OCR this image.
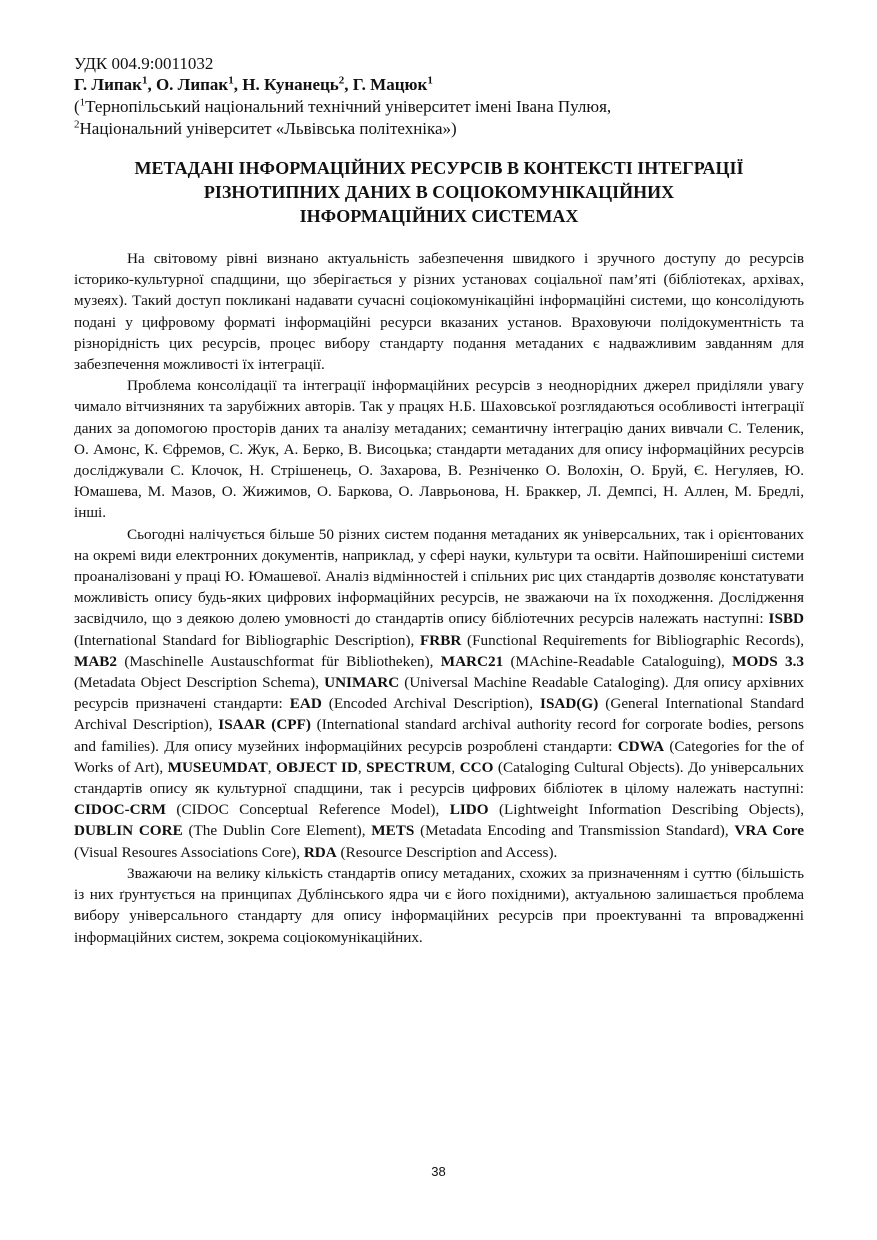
УДК 004.9:0011032
Г. Липак$^1$, О. Липак$^1$, Н. Кунанець$^2$, Г. Мацюк$^1$
($^1$Тернопільський національний технічний університет імені Івана Пулюя,
$^2$Національний університет «Львівська політехніка»)
МЕТАДАНІ ІНФОРМАЦІЙНИХ РЕСУРСІВ В КОНТЕКСТІ ІНТЕГРАЦІЇ
РІЗНОТИПНИХ ДАНИХ В СОЦІОКОМУНІКАЦІЙНИХ
ІНФОРМАЦІЙНИХ СИСТЕМАХ

На світовому рівні визнано актуальність забезпечення швидкого і зручного доступу до ресурсів історико-культурної спадщини, що зберігається у різних установах соціальної пам’яті (бібліотеках, архівах, музеях). Такий доступ покликані надавати сучасні соціокомунікаційні інформаційні системи, що консолідують подані у цифровому форматі інформаційні ресурси вказаних установ. Враховуючи полідокументність та різнорідність цих ресурсів, процес вибору стандарту подання метаданих є надважливим завданням для забезпечення можливості їх інтеграції.

Проблема консолідації та інтеграції інформаційних ресурсів з неоднорідних джерел приділяли увагу чимало вітчизняних та зарубіжних авторів. Так у працях Н.Б. Шаховської розглядаються особливості інтеграції даних за допомогою просторів даних та аналізу метаданих; семантичну інтеграцію даних вивчали С. Теленик, О. Амонс, К. Єфремов, С. Жук, А. Берко, В. Висоцька; стандарти метаданих для опису інформаційних ресурсів досліджували С. Клочок, Н. Стрішенець, О. Захарова, В. Резніченко О. Волохін, О. Бруй, Є. Негуляев, Ю. Юмашева, М. Мазов, О. Жижимов, О. Баркова, О. Лаврьонова, Н. Браккер, Л. Демпсі, Н. Аллен, М. Бредлі, інші.

Сьогодні налічується більше 50 різних систем подання метаданих як універсальних, так і орієнтованих на окремі види електронних документів, наприклад, у сфері науки, культури та освіти. Найпоширеніші системи проаналізовані у праці Ю. Юмашевої. Аналіз відмінностей і спільних рис цих стандартів дозволяє констатувати можливість опису будь-яких цифрових інформаційних ресурсів, не зважаючи на їх походження. Дослідження засвідчило, що з деякою долею умовності до стандартів опису бібліотечних ресурсів належать наступні: ISBD (International Standard for Bibliographic Description), FRBR (Functional Requirements for Bibliographic Records), MAB2 (Maschinelle Austauschformat für Bibliotheken), MARC21 (MAchine-Readable Cataloguing), MODS 3.3 (Metadata Object Description Schema), UNIMARC (Universal Machine Readable Cataloging). Для опису архівних ресурсів призначені стандарти: EAD (Encoded Archival Description), ISAD(G) (General International Standard Archival Description), ISAAR (CPF) (International standard archival authority record for corporate bodies, persons and families). Для опису музейних інформаційних ресурсів розроблені стандарти: CDWA (Categories for the of Works of Art), MUSEUMDAT, OBJECT ID, SPECTRUM, CCO (Cataloging Cultural Objects). До універсальних стандартів опису як культурної спадщини, так і ресурсів цифрових бібліотек в цілому належать наступні: CIDOC-CRM (CIDOC Conceptual Reference Model), LIDO (Lightweight Information Describing Objects), DUBLIN CORE (The Dublin Core Element), METS (Metadata Encoding and Transmission Standard), VRA Core (Visual Resoures Associations Core), RDA (Resource Description and Access).

Зважаючи на велику кількість стандартів опису метаданих, схожих за призначенням і суттю (більшість із них ґрунтується на принципах Дублінського ядра чи є його похідними), актуальною залишається проблема вибору універсального стандарту для опису інформаційних ресурсів при проектуванні та впровадженні інформаційних систем, зокрема соціокомунікаційних.

38
